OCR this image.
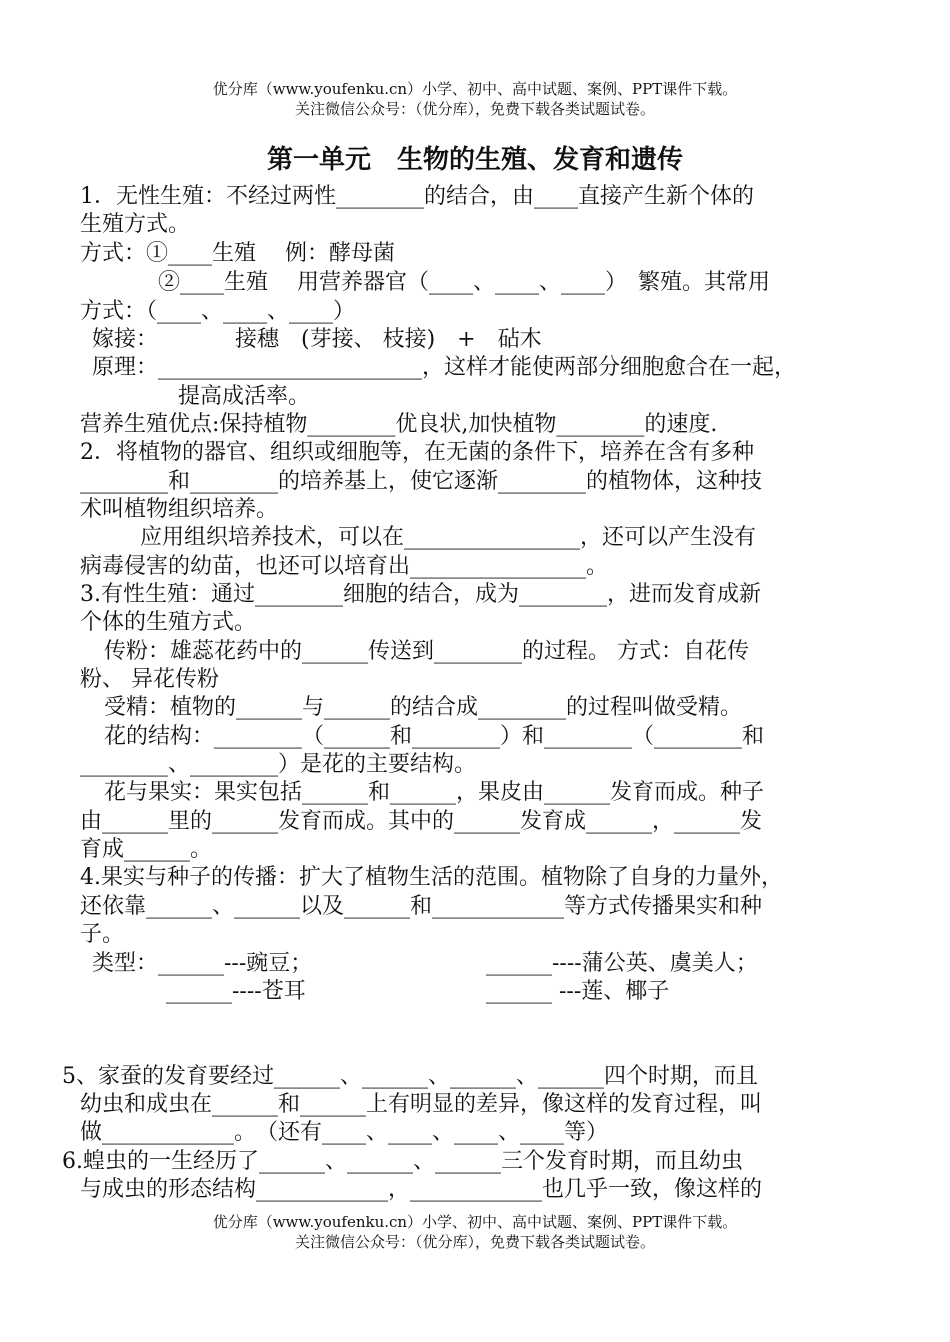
优分库（www.youfenku.cn）小学、初中、高中试题、案例、PPT课件下载。
关注微信公众号：（优分库），免费下载各类试题试卷。
第一单元　生物的生殖、发育和遗传
1．无性生殖：不经过两性________的结合，由____直接产生新个体的
生殖方式。
方式：①____生殖　 例：酵母菌
②____生殖　 用营养器官（____、____、____）　繁殖。其常用
方式：（____、____、____）
嫁接：　　　　接穗　(芽接、 枝接)　+　砧木
原理：________________________，这样才能使两部分细胞愈合在一起，
提高成活率。
营养生殖优点:保持植物________优良状,加快植物________的速度.
2．将植物的器官、组织或细胞等，在无菌的条件下，培养在含有多种
________和________的培养基上，使它逐渐________的植物体，这种技
术叫植物组织培养。
应用组织培养技术，可以在________________，还可以产生没有
病毒侵害的幼苗，也还可以培育出________________。
3.有性生殖：通过________细胞的结合，成为________，进而发育成新
个体的生殖方式。
传粉：雄蕊花药中的______传送到________的过程。 方式：自花传
粉、 异花传粉
受精：植物的______与______的结合成________的过程叫做受精。
花的结构：________（______和________）和________（________和
________、________）是花的主要结构。
花与果实：果实包括______和______，果皮由______发育而成。种子
由______里的______发育而成。其中的______发育成______，______发
育成______。
4.果实与种子的传播：扩大了植物生活的范围。植物除了自身的力量外，
还依靠______、______以及______和____________等方式传播果实和种
子。
类型：______---豌豆；	______----蒲公英、虞美人；
______----苍耳	______ ---莲、椰子
5、家蚕的发育要经过______、______、______、______四个时期，而且
幼虫和成虫在______和______上有明显的差异，像这样的发育过程，叫
做____________。　（还有____、____、____、____等）
6.蝗虫的一生经历了______、______、______三个发育时期，而且幼虫
与成虫的形态结构____________，____________也几乎一致，像这样的
优分库（www.youfenku.cn）小学、初中、高中试题、案例、PPT课件下载。
关注微信公众号：（优分库），免费下载各类试题试卷。
